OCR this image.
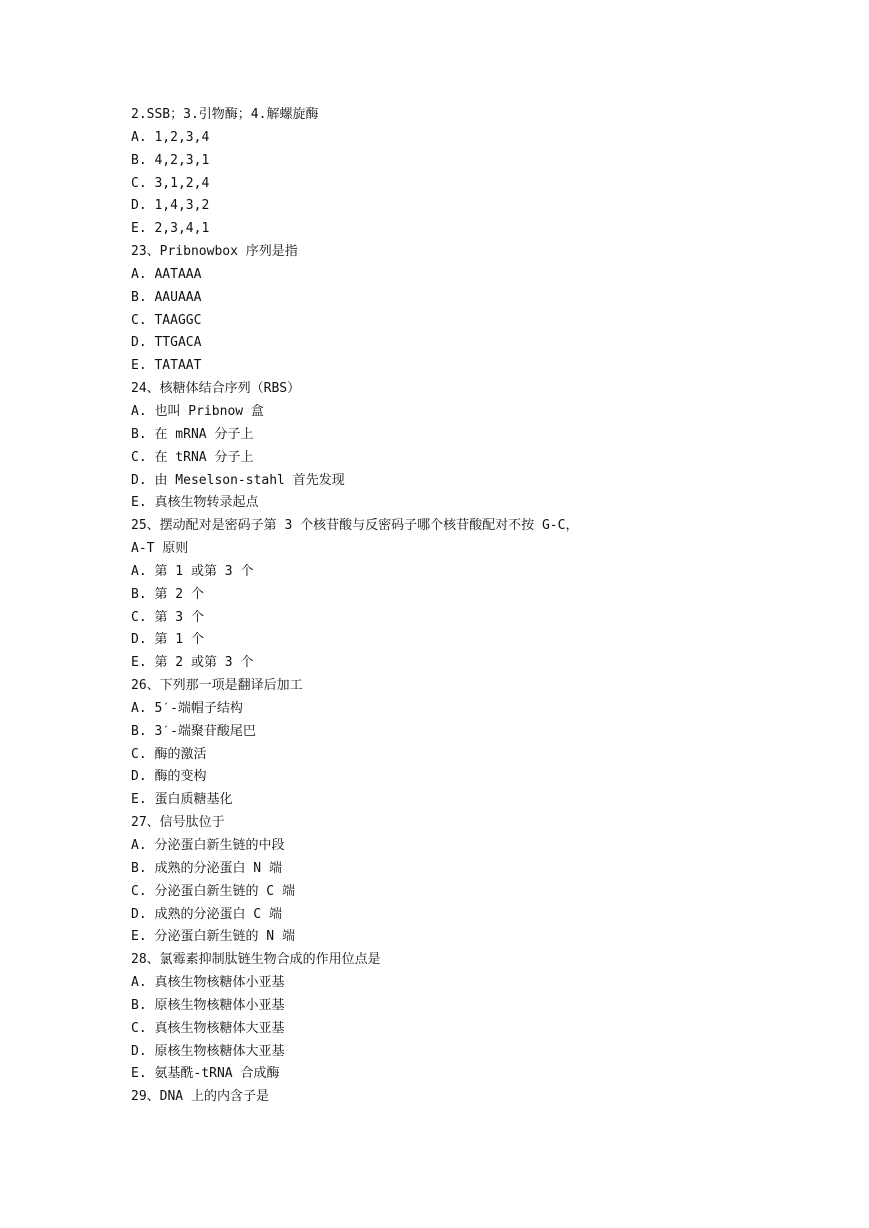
2.SSB；3.引物酶；4.解螺旋酶
A. 1,2,3,4
B. 4,2,3,1
C. 3,1,2,4
D. 1,4,3,2
E. 2,3,4,1
23、Pribnowbox 序列是指
A. AATAAA
B. AAUAAA
C. TAAGGC
D. TTGACA
E. TATAAT
24、核糖体结合序列（RBS）
A. 也叫 Pribnow 盒
B. 在 mRNA 分子上
C. 在 tRNA 分子上
D. 由 Meselson-stahl 首先发现
E. 真核生物转录起点
25、摆动配对是密码子第 3 个核苷酸与反密码子哪个核苷酸配对不按 G-C，
A-T 原则
A. 第 1 或第 3 个
B. 第 2 个
C. 第 3 个
D. 第 1 个
E. 第 2 或第 3 个
26、下列那一项是翻译后加工
A. 5ˊ-端帽子结构
B. 3ˊ-端聚苷酸尾巴
C. 酶的激活
D. 酶的变构
E. 蛋白质糖基化
27、信号肽位于
A. 分泌蛋白新生链的中段
B. 成熟的分泌蛋白 N 端
C. 分泌蛋白新生链的 C 端
D. 成熟的分泌蛋白 C 端
E. 分泌蛋白新生链的 N 端
28、氯霉素抑制肽链生物合成的作用位点是
A. 真核生物核糖体小亚基
B. 原核生物核糖体小亚基
C. 真核生物核糖体大亚基
D. 原核生物核糖体大亚基
E. 氨基酰-tRNA 合成酶
29、DNA 上的内含子是
